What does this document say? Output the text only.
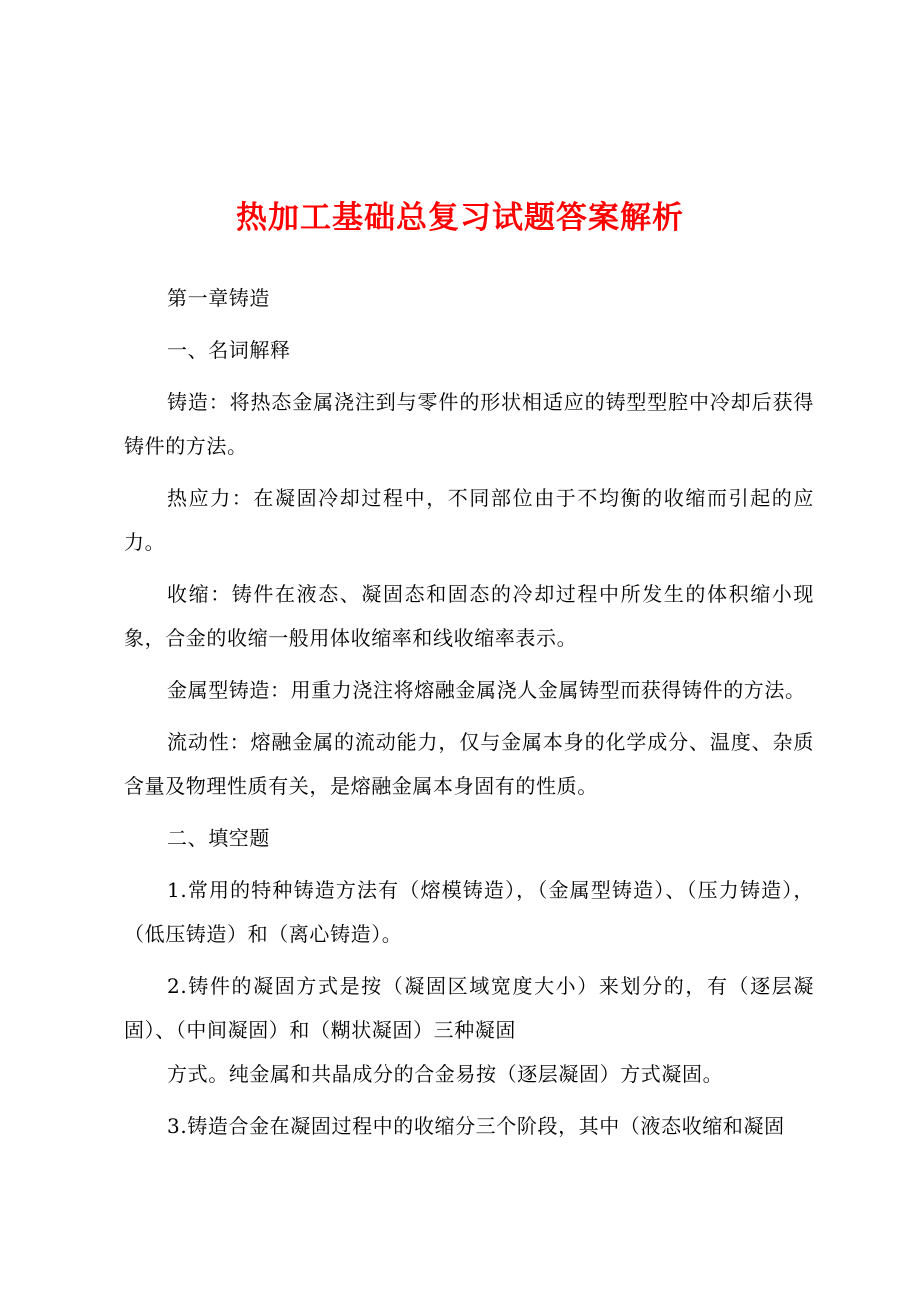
热加工基础总复习试题答案解析

第一章铸造

一、名词解释

铸造：将热态金属浇注到与零件的形状相适应的铸型型腔中冷却后获得铸件的方法。

热应力：在凝固冷却过程中，不同部位由于不均衡的收缩而引起的应力。

收缩：铸件在液态、凝固态和固态的冷却过程中所发生的体积缩小现象，合金的收缩一般用体收缩率和线收缩率表示。

金属型铸造：用重力浇注将熔融金属浇人金属铸型而获得铸件的方法。

流动性：熔融金属的流动能力，仅与金属本身的化学成分、温度、杂质含量及物理性质有关，是熔融金属本身固有的性质。

二、填空题

1.常用的特种铸造方法有（熔模铸造），（金属型铸造）、（压力铸造），（低压铸造）和（离心铸造）。

2.铸件的凝固方式是按（凝固区域宽度大小）来划分的，有（逐层凝固）、（中间凝固）和（糊状凝固）三种凝固

方式。纯金属和共晶成分的合金易按（逐层凝固）方式凝固。

3.铸造合金在凝固过程中的收缩分三个阶段，其中（液态收缩和凝固
